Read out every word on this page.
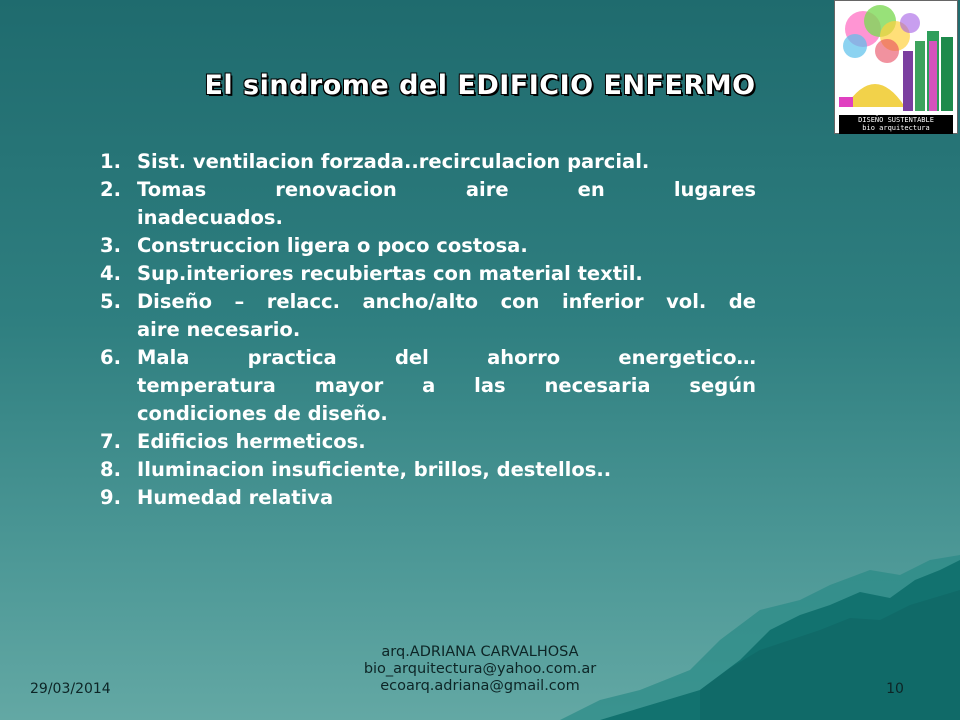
DISEÑO SUSTENTABLE
bio arquitectura
El sindrome del EDIFICIO ENFERMO
1. Sist. ventilacion forzada..recirculacion parcial.
2. Tomas renovacion aire en lugares
inadecuados.
3. Construccion ligera o poco costosa.
4. Sup.interiores recubiertas con material textil.
5. Diseño – relacc. ancho/alto con inferior vol. de
aire necesario.
6. Mala practica del ahorro energetico…
temperatura mayor a las necesaria según
condiciones de diseño.
7. Edificios hermeticos.
8. Iluminacion insuficiente, brillos, destellos..
9. Humedad relativa
29/03/2014
arq.ADRIANA CARVALHOSA
bio_arquitectura@yahoo.com.ar
ecoarq.adriana@gmail.com	10
